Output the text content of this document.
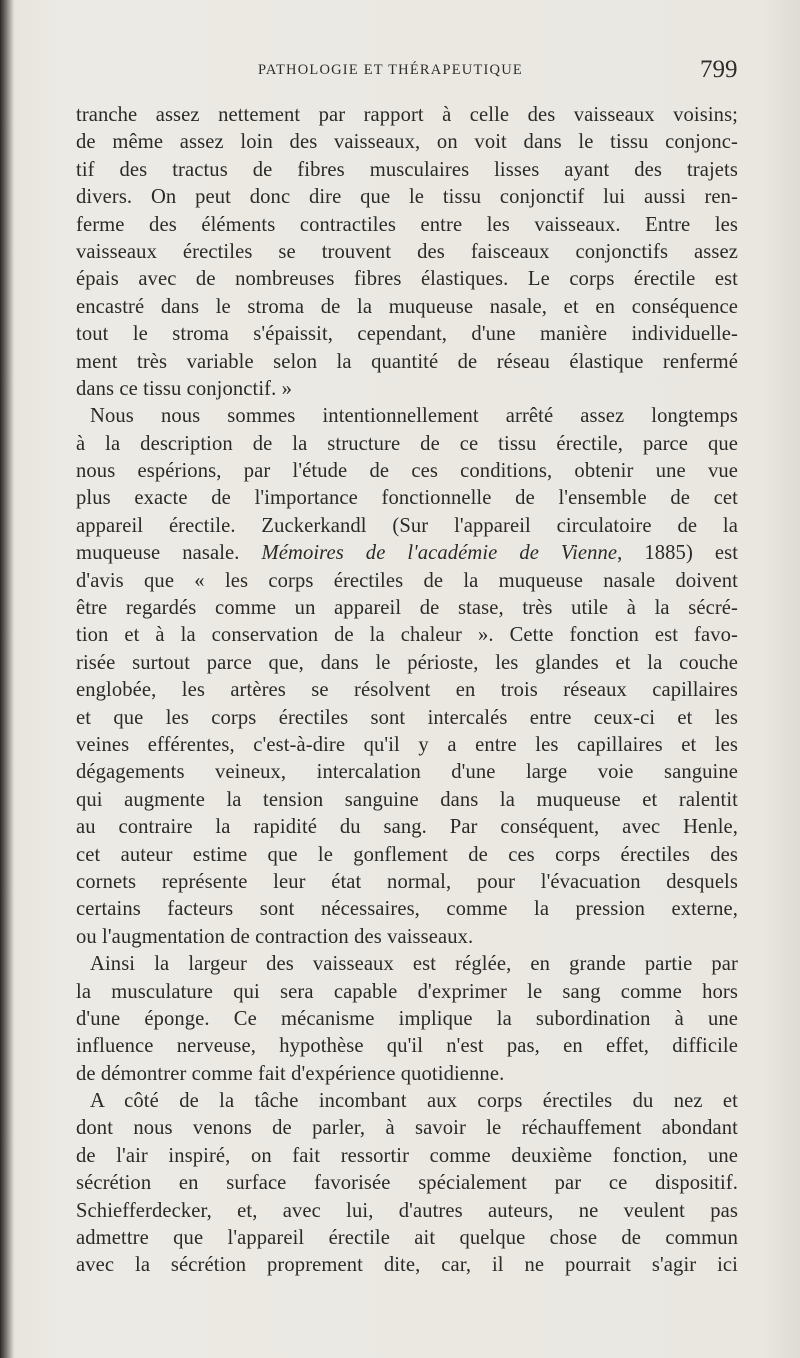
PATHOLOGIE ET THÉRAPEUTIQUE	799
tranche assez nettement par rapport à celle des vaisseaux voisins;
de même assez loin des vaisseaux, on voit dans le tissu conjonc-
tif des tractus de fibres musculaires lisses ayant des trajets
divers. On peut donc dire que le tissu conjonctif lui aussi ren-
ferme des éléments contractiles entre les vaisseaux. Entre les
vaisseaux érectiles se trouvent des faisceaux conjonctifs assez
épais avec de nombreuses fibres élastiques. Le corps érectile est
encastré dans le stroma de la muqueuse nasale, et en conséquence
tout le stroma s'épaissit, cependant, d'une manière individuelle-
ment très variable selon la quantité de réseau élastique renfermé
dans ce tissu conjonctif. »
Nous nous sommes intentionnellement arrêté assez longtemps
à la description de la structure de ce tissu érectile, parce que
nous espérions, par l'étude de ces conditions, obtenir une vue
plus exacte de l'importance fonctionnelle de l'ensemble de cet
appareil érectile. Zuckerkandl (Sur l'appareil circulatoire de la
muqueuse nasale. Mémoires de l'académie de Vienne, 1885) est
d'avis que « les corps érectiles de la muqueuse nasale doivent
être regardés comme un appareil de stase, très utile à la sécré-
tion et à la conservation de la chaleur ». Cette fonction est favo-
risée surtout parce que, dans le périoste, les glandes et la couche
englobée, les artères se résolvent en trois réseaux capillaires
et que les corps érectiles sont intercalés entre ceux-ci et les
veines efférentes, c'est-à-dire qu'il y a entre les capillaires et les
dégagements veineux, intercalation d'une large voie sanguine
qui augmente la tension sanguine dans la muqueuse et ralentit
au contraire la rapidité du sang. Par conséquent, avec Henle,
cet auteur estime que le gonflement de ces corps érectiles des
cornets représente leur état normal, pour l'évacuation desquels
certains facteurs sont nécessaires, comme la pression externe,
ou l'augmentation de contraction des vaisseaux.
Ainsi la largeur des vaisseaux est réglée, en grande partie par
la musculature qui sera capable d'exprimer le sang comme hors
d'une éponge. Ce mécanisme implique la subordination à une
influence nerveuse, hypothèse qu'il n'est pas, en effet, difficile
de démontrer comme fait d'expérience quotidienne.
A côté de la tâche incombant aux corps érectiles du nez et
dont nous venons de parler, à savoir le réchauffement abondant
de l'air inspiré, on fait ressortir comme deuxième fonction, une
sécrétion en surface favorisée spécialement par ce dispositif.
Schiefferdecker, et, avec lui, d'autres auteurs, ne veulent pas
admettre que l'appareil érectile ait quelque chose de commun
avec la sécrétion proprement dite, car, il ne pourrait s'agir ici
